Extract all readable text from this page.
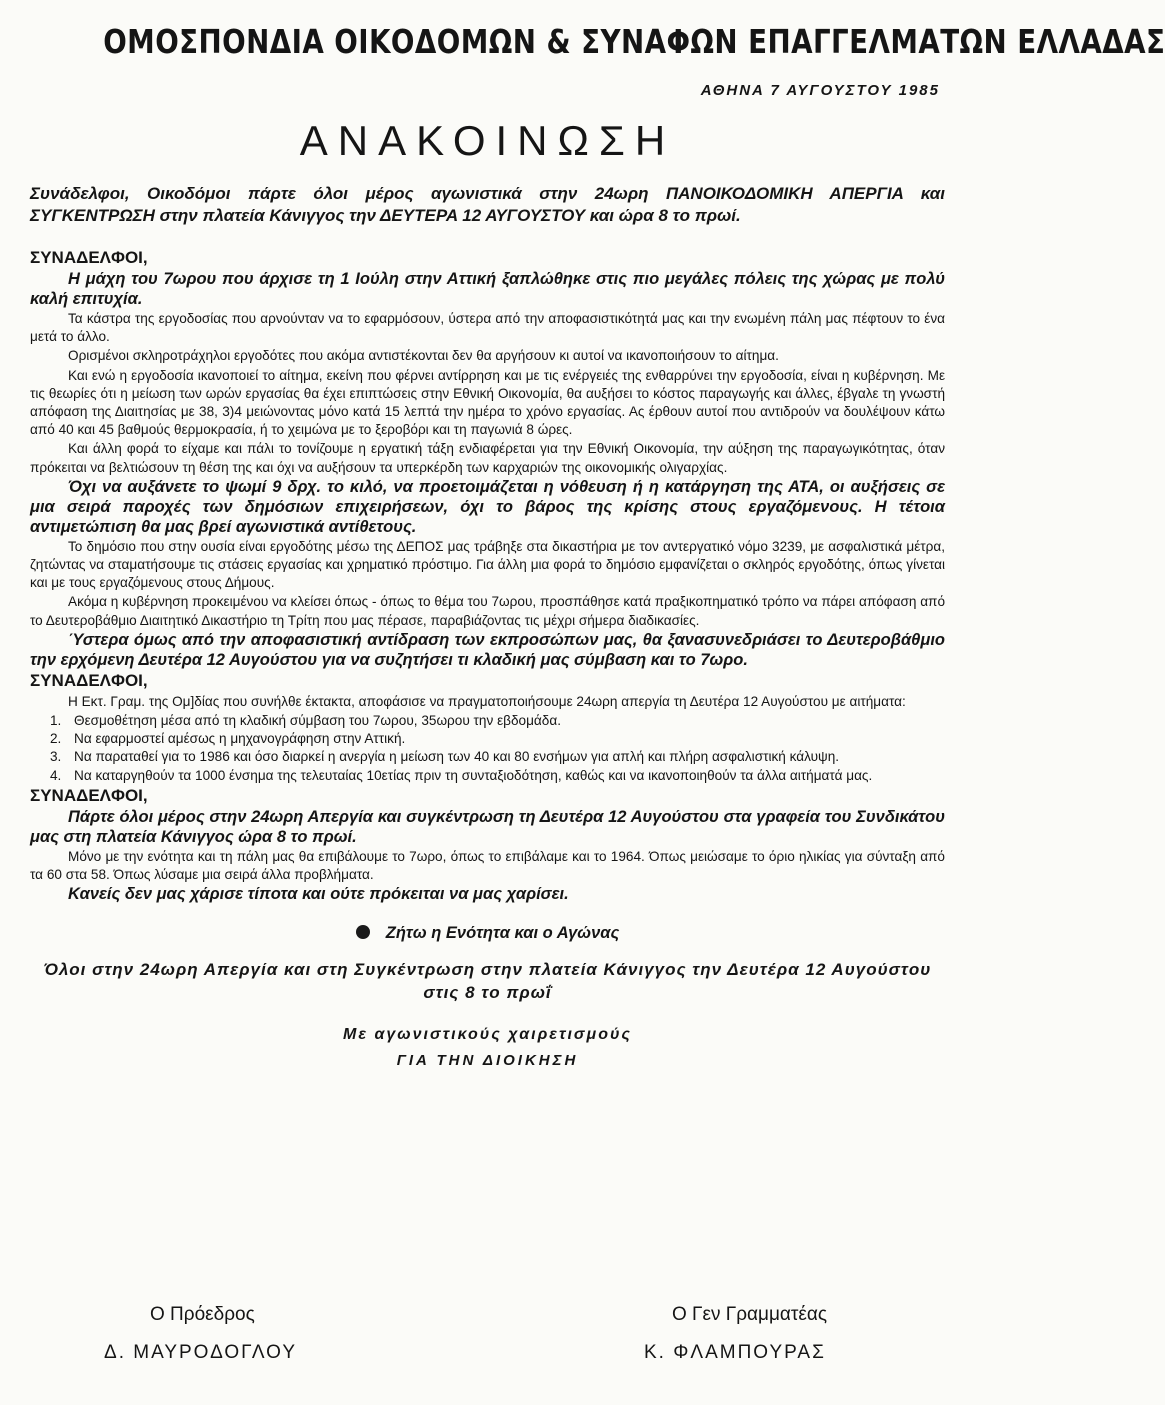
ΟΜΟΣΠΟΝΔΙΑ ΟΙΚΟΔΟΜΩΝ & ΣΥΝΑΦΩΝ ΕΠΑΓΓΕΛΜΑΤΩΝ ΕΛΛΑΔΑΣ
ΑΘΗΝΑ 7 ΑΥΓΟΥΣΤΟΥ 1985
ΑΝΑΚΟΙΝΩΣΗ
Συνάδελφοι, Οικοδόμοι πάρτε όλοι μέρος αγωνιστικά στην 24ωρη ΠΑΝΟΙΚΟΔΟΜΙΚΗ ΑΠΕΡΓΙΑ και ΣΥΓΚΕΝΤΡΩΣΗ στην πλατεία Κάνιγγος την ΔΕΥΤΕΡΑ 12 ΑΥΓΟΥΣΤΟΥ και ώρα 8 το πρωί.
ΣΥΝΑΔΕΛΦΟΙ,
Η μάχη του 7ωρου που άρχισε τη 1 Ιούλη στην Αττική ξαπλώθηκε στις πιο μεγάλες πόλεις της χώρας με πολύ καλή επιτυχία.
Τα κάστρα της εργοδοσίας που αρνούνταν να το εφαρμόσουν, ύστερα από την αποφασιστικότητά μας και την ενωμένη πάλη μας πέφτουν το ένα μετά το άλλο.
Ορισμένοι σκληροτράχηλοι εργοδότες που ακόμα αντιστέκονται δεν θα αργήσουν κι αυτοί να ικανοποιήσουν το αίτημα.
Και ενώ η εργοδοσία ικανοποιεί το αίτημα, εκείνη που φέρνει αντίρρηση και με τις ενέργειές της ενθαρρύνει την εργοδοσία, είναι η κυβέρνηση. Με τις θεωρίες ότι η μείωση των ωρών εργασίας θα έχει επιπτώσεις στην Εθνική Οικονομία, θα αυξήσει το κόστος παραγωγής και άλλες, έβγαλε τη γνωστή απόφαση της Διαιτησίας με 38, 3)4 μειώνοντας μόνο κατά 15 λεπτά την ημέρα το χρόνο εργασίας. Ας έρθουν αυτοί που αντιδρούν να δουλέψουν κάτω από 40 και 45 βαθμούς θερμοκρασία, ή το χειμώνα με το ξεροβόρι και τη παγωνιά 8 ώρες.
Και άλλη φορά το είχαμε και πάλι το τονίζουμε η εργατική τάξη ενδιαφέρεται για την Εθνική Οικονομία, την αύξηση της παραγωγικότητας, όταν πρόκειται να βελτιώσουν τη θέση της και όχι να αυξήσουν τα υπερκέρδη των καρχαριών της οικονομικής ολιγαρχίας.
Όχι να αυξάνετε το ψωμί 9 δρχ. το κιλό, να προετοιμάζεται η νόθευση ή η κατάργηση της ΑΤΑ, οι αυξήσεις σε μια σειρά παροχές των δημόσιων επιχειρήσεων, όχι το βάρος της κρίσης στους εργαζόμενους. Η τέτοια αντιμετώπιση θα μας βρεί αγωνιστικά αντίθετους.
Το δημόσιο που στην ουσία είναι εργοδότης μέσω της ΔΕΠΟΣ μας τράβηξε στα δικαστήρια με τον αντεργατικό νόμο 3239, με ασφαλιστικά μέτρα, ζητώντας να σταματήσουμε τις στάσεις εργασίας και χρηματικό πρόστιμο. Για άλλη μια φορά το δημόσιο εμφανίζεται ο σκληρός εργοδότης, όπως γίνεται και με τους εργαζόμενους στους Δήμους.
Ακόμα η κυβέρνηση προκειμένου να κλείσει όπως - όπως το θέμα του 7ωρου, προσπάθησε κατά πραξικοπηματικό τρόπο να πάρει απόφαση από το Δευτεροβάθμιο Διαιτητικό Δικαστήριο τη Τρίτη που μας πέρασε, παραβιάζοντας τις μέχρι σήμερα διαδικασίες.
Ύστερα όμως από την αποφασιστική αντίδραση των εκπροσώπων μας, θα ξανασυνεδριάσει το Δευτεροβάθμιο την ερχόμενη Δευτέρα 12 Αυγούστου για να συζητήσει τι κλαδική μας σύμβαση και το 7ωρο.
ΣΥΝΑΔΕΛΦΟΙ,
Η Εκτ. Γραμ. της Ομ]δίας που συνήλθε έκτακτα, αποφάσισε να πραγματοποιήσουμε 24ωρη απεργία τη Δευτέρα 12 Αυγούστου με αιτήματα:
1. Θεσμοθέτηση μέσα από τη κλαδική σύμβαση του 7ωρου, 35ωρου την εβδομάδα.
2. Να εφαρμοστεί αμέσως η μηχανογράφηση στην Αττική.
3. Να παραταθεί για το 1986 και όσο διαρκεί η ανεργία η μείωση των 40 και 80 ενσήμων για απλή και πλήρη ασφαλιστική κάλυψη.
4. Να καταργηθούν τα 1000 ένσημα της τελευταίας 10ετίας πριν τη συνταξιοδότηση, καθώς και να ικανοποιηθούν τα άλλα αιτήματά μας.
ΣΥΝΑΔΕΛΦΟΙ,
Πάρτε όλοι μέρος στην 24ωρη Απεργία και συγκέντρωση τη Δευτέρα 12 Αυγούστου στα γραφεία του Συνδικάτου μας στη πλατεία Κάνιγγος ώρα 8 το πρωί.
Μόνο με την ενότητα και τη πάλη μας θα επιβάλουμε το 7ωρο, όπως το επιβάλαμε και το 1964. Όπως μειώσαμε το όριο ηλικίας για σύνταξη από τα 60 στα 58. Όπως λύσαμε μια σειρά άλλα προβλήματα.
Κανείς δεν μας χάρισε τίποτα και ούτε πρόκειται να μας χαρίσει.
Ζήτω η Ενότητα και ο Αγώνας
Όλοι στην 24ωρη Απεργία και στη Συγκέντρωση στην πλατεία Κάνιγγος την Δευτέρα 12 Αυγούστου στις 8 το πρωΐ
Με αγωνιστικούς χαιρετισμούς
ΓΙΑ ΤΗΝ ΔΙΟΙΚΗΣΗ
Ο Πρόεδρος
Δ. ΜΑΥΡΟΔΟΓΛΟΥ
Ο Γεν Γραμματέας
Κ. ΦΛΑΜΠΟΥΡΑΣ
